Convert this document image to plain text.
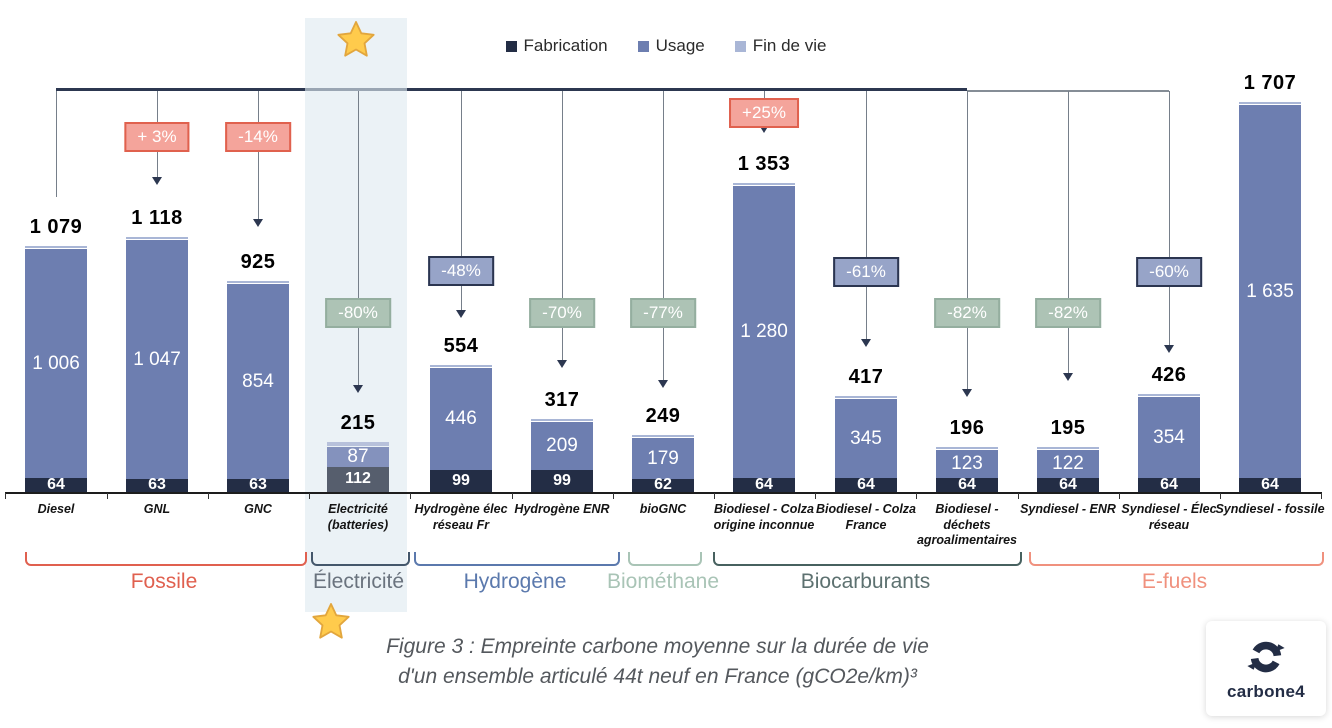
Fabrication	Usage	Fin de vie
+ 3%	-14%
-80%
-48%
-70%	-77%
+25%
-61%
-82%	-82%
-60%
64
1 006
1 079
63
1 047
1 118
63
854
925
112
87
215
99
446
554
99
209
317
62
179
249
64
1 280
1 353
64
345
417
64
123
196
64
122
195
64
354
426
64
1 635
1 707
Diesel	GNL	GNC	Electricité (batteries)
Hydrogène élec réseau Fr
Hydrogène ENR	bioGNC	Biodiesel - Colza origine inconnue
Biodiesel - Colza France
Biodiesel - déchets agroalimentaires
Syndiesel - ENR Syndiesel - Élec réseau
Syndiesel - fossile
Fossile	Électricité	Hydrogène Biométhane	Biocarburants	E-fuels
Figure 3 : Empreinte carbone moyenne sur la durée de vie
d'un ensemble articulé 44t neuf en France (gCO2e/km)³
carbone4
